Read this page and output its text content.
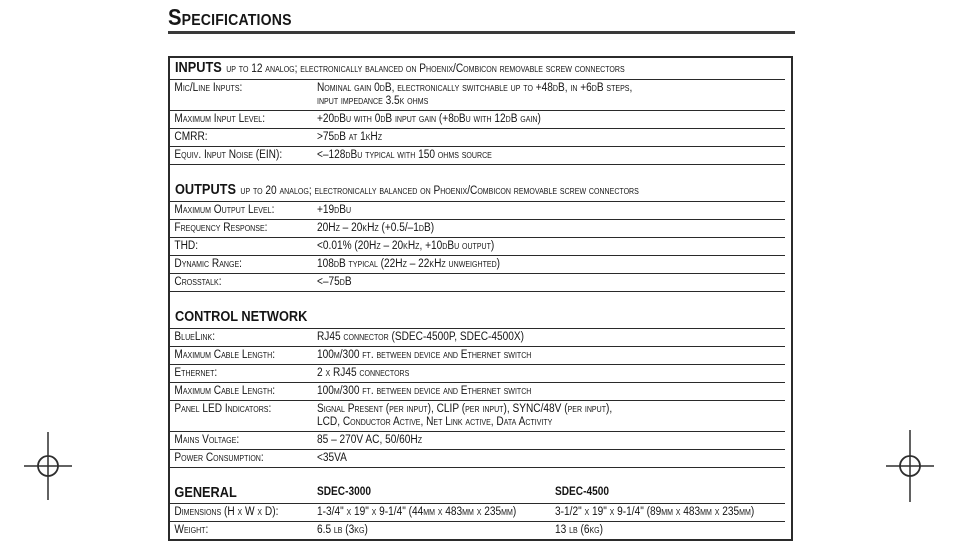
Specifications
INPUTS up to 12 analog; electronically balanced on Phoenix/Combicon removable screw connectors
Mic/Line Inputs:	Nominal gain 0dB, electronically switchable up to +48dB, in +6dB steps,
input impedance 3.5k ohms
Maximum Input Level:	+20dBu with 0dB input gain (+8dBu with 12dB gain)
CMRR:	>75dB at 1kHz
Equiv. Input Noise (EIN):	<–128dBu typical with 150 ohms source
OUTPUTS up to 20 analog; electronically balanced on Phoenix/Combicon removable screw connectors
Maximum Output Level:	+19dBu
Frequency Response:	20Hz – 20kHz (+0.5/–1dB)
THD:	<0.01% (20Hz – 20kHz, +10dBu output)
Dynamic Range:	108dB typical (22Hz – 22kHz unweighted)
Crosstalk:	<–75dB
CONTROL NETWORK
BlueLink:	RJ45 connector (SDEC-4500P, SDEC-4500X)
Maximum Cable Length:	100m/300 ft. between device and Ethernet switch
Ethernet:	2 x RJ45 connectors
Maximum Cable Length:	100m/300 ft. between device and Ethernet switch
Panel LED Indicators:	Signal Present (per input), CLIP (per input), SYNC/48V (per input),
LCD, Conductor Active, Net Link active, Data Activity
Mains Voltage:	85 – 270V AC, 50/60Hz
Power Consumption:	<35VA
GENERAL	SDEC-3000	SDEC-4500
Dimensions (H x W x D):	1-3/4" x 19" x 9-1/4" (44mm x 483mm x 235mm)	3-1/2" x 19" x 9-1/4" (89mm x 483mm x 235mm)
Weight:	6.5 lb (3kg)	13 lb (6kg)
